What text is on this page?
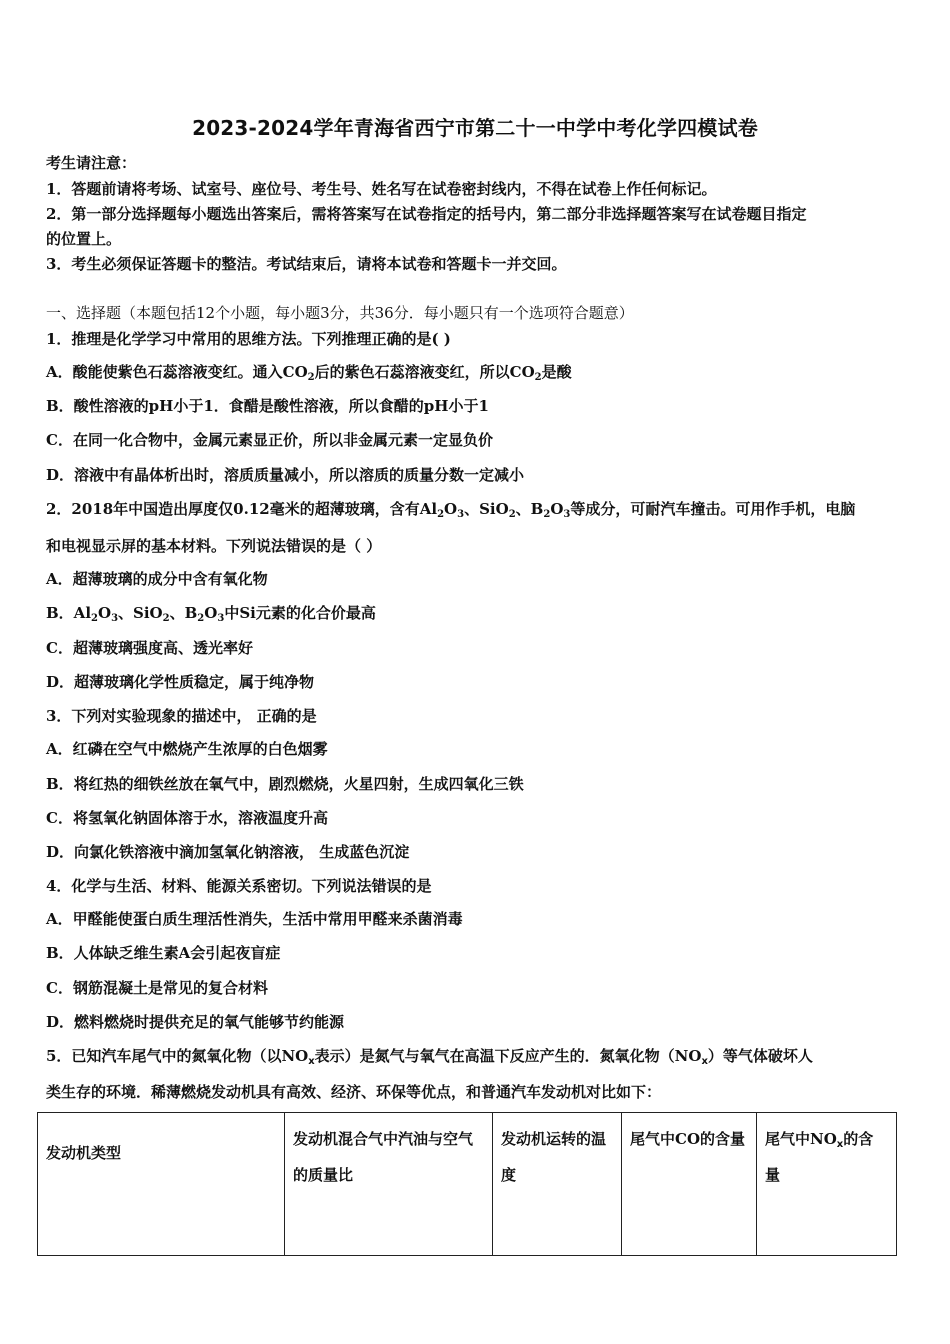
2023-2024学年青海省西宁市第二十一中学中考化学四模试卷
考生请注意：
1．答题前请将考场、试室号、座位号、考生号、姓名写在试卷密封线内，不得在试卷上作任何标记。
2．第一部分选择题每小题选出答案后，需将答案写在试卷指定的括号内，第二部分非选择题答案写在试卷题目指定
的位置上。
3．考生必须保证答题卡的整洁。考试结束后，请将本试卷和答题卡一并交回。
一、选择题（本题包括12个小题，每小题3分，共36分．每小题只有一个选项符合题意）
1．推理是化学学习中常用的思维方法。下列推理正确的是( )
A．酸能使紫色石蕊溶液变红。通入$CO_2$后的紫色石蕊溶液变红，所以$CO_2$是酸
B．酸性溶液的pH小于1．食醋是酸性溶液，所以食醋的pH小于1
C．在同一化合物中，金属元素显正价，所以非金属元素一定显负价
D．溶液中有晶体析出时，溶质质量减小，所以溶质的质量分数一定减小
2．2018年中国造出厚度仅0.12毫米的超薄玻璃，含有$Al_2O_3$、SiO$_2$、$B_2O_3$等成分，可耐汽车撞击。可用作手机，电脑
和电视显示屏的基本材料。下列说法错误的是（ ）
A．超薄玻璃的成分中含有氧化物
B．$Al_2O_3$、SiO$_2$、$B_2O_3$中Si元素的化合价最高
C．超薄玻璃强度高、透光率好
D．超薄玻璃化学性质稳定，属于纯净物
3．下列对实验现象的描述中， 正确的是
A．红磷在空气中燃烧产生浓厚的白色烟雾
B．将红热的细铁丝放在氧气中，剧烈燃烧，火星四射，生成四氧化三铁
C．将氢氧化钠固体溶于水，溶液温度升高
D．向氯化铁溶液中滴加氢氧化钠溶液， 生成蓝色沉淀
4．化学与生活、材料、能源关系密切。下列说法错误的是
A．甲醛能使蛋白质生理活性消失，生活中常用甲醛来杀菌消毒
B．人体缺乏维生素A会引起夜盲症
C．钢筋混凝土是常见的复合材料
D．燃料燃烧时提供充足的氧气能够节约能源
5．已知汽车尾气中的氮氧化物（以$NO_x$表示）是氮气与氧气在高温下反应产生的．氮氧化物$(NO_x)$等气体破坏人
类生存的环境．稀薄燃烧发动机具有高效、经济、环保等优点，和普通汽车发动机对比如下：
发动机类型	发动机混合气中汽油与空气的质量比	发动机运转的温度	尾气中CO的含量	尾气中$NO_x$的含量
